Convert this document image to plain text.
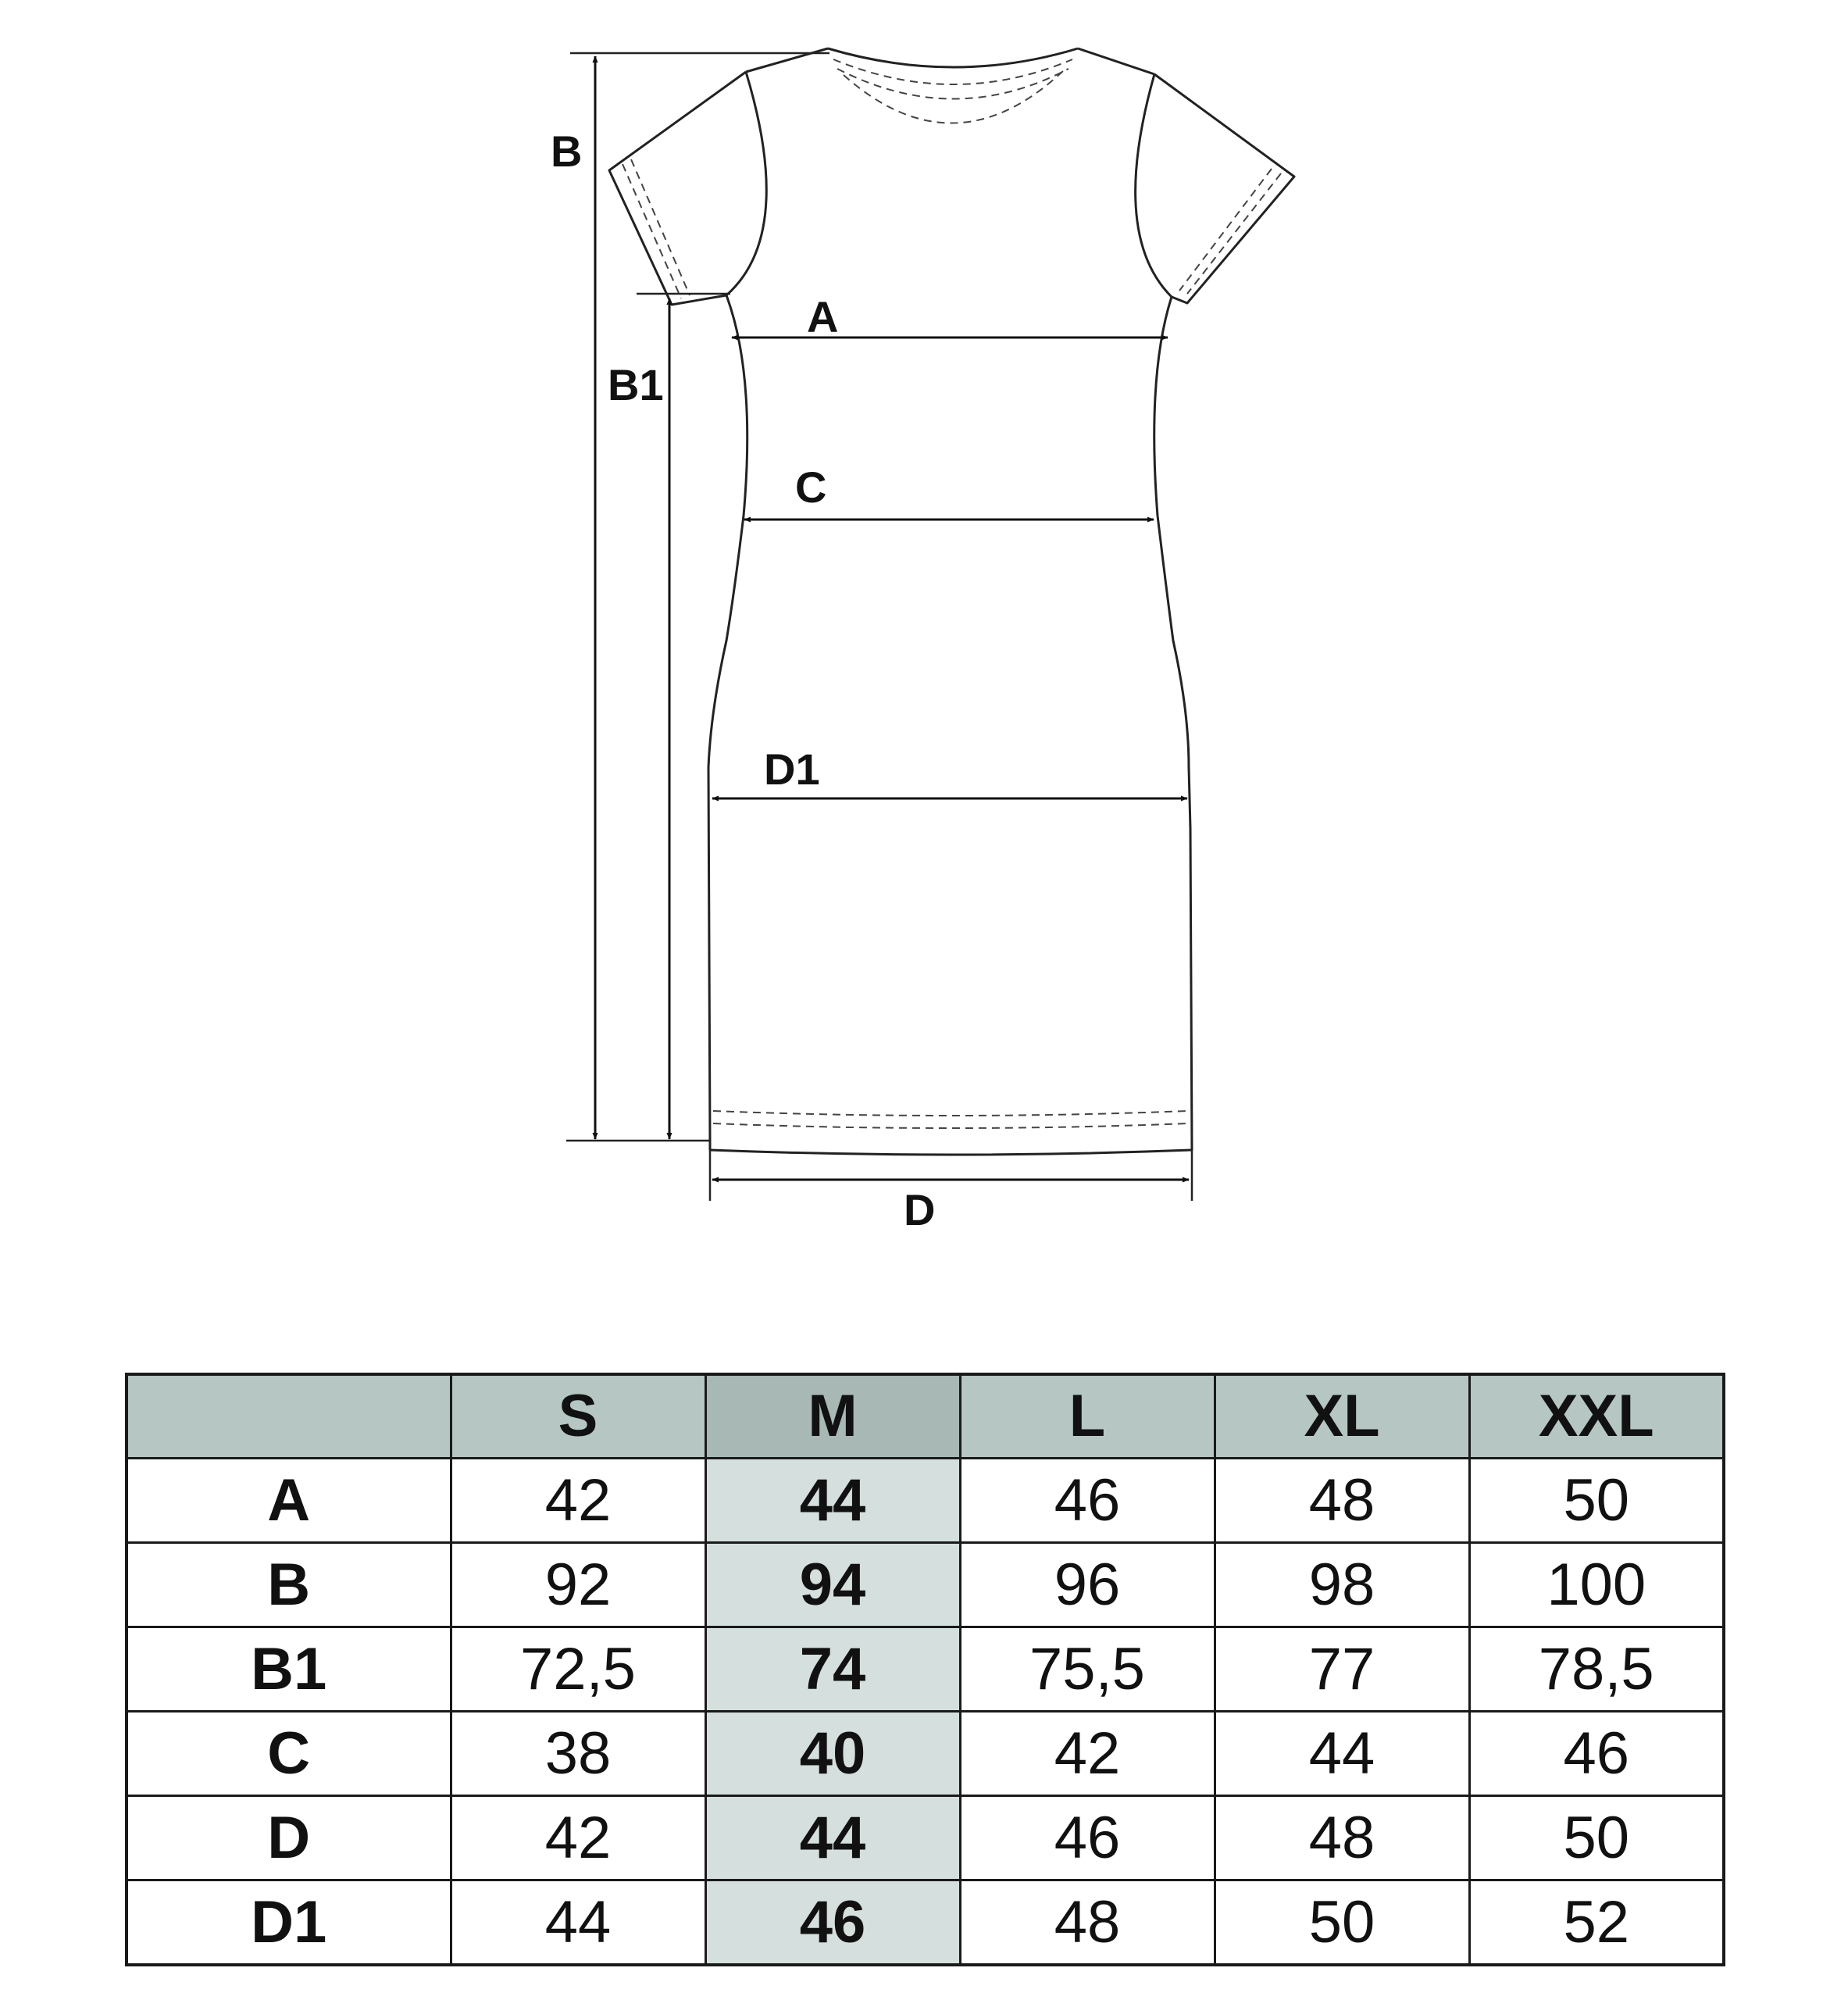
B
B1
A
C
D1
D
	S	M	L	XL	XXL
A	42	44	46	48	50
B	92	94	96	98	100
B1	72,5	74	75,5	77	78,5
C	38	40	42	44	46
D	42	44	46	48	50
D1	44	46	48	50	52
